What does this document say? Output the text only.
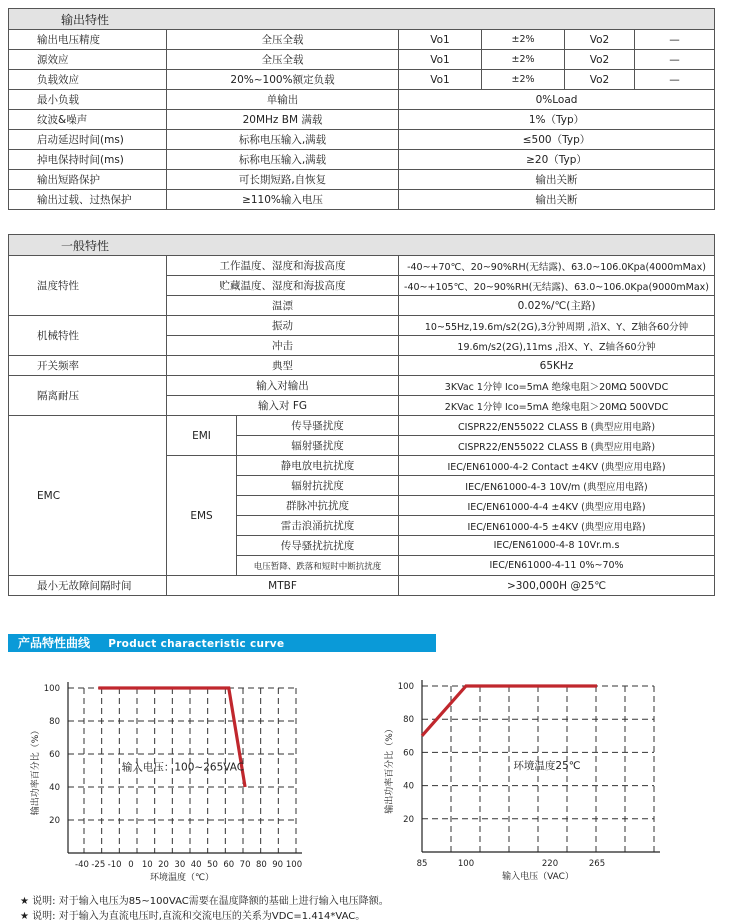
输出特性					
输出电压精度	全压全载	Vo1	±2%	Vo2	—
源效应	全压全载	Vo1	±2%	Vo2	—
负载效应	20%~100%额定负载	Vo1	±2%	Vo2	—
最小负载	单输出	0%Load			
纹波&噪声	20MHz BM 满载	1%（Typ）			
启动延迟时间(ms)	标称电压输入,满载	≤500（Typ）			
掉电保持时间(ms)	标称电压输入,满载	≥20（Typ）			
输出短路保护	可长期短路,自恢复	输出关断			
输出过载、过热保护	≥110%输入电压	输出关断			
一般特性			
温度特性	工作温度、湿度和海拔高度		-40~+70℃、20~90%RH(无结露)、63.0~106.0Kpa(4000mMax)
	贮藏温度、湿度和海拔高度		-40~+105℃、20~90%RH(无结露)、63.0~106.0Kpa(9000mMax)
	温漂		0.02%/℃(主路)
机械特性	振动		10~55Hz,19.6m/s2(2G),3分钟周期 ,沿X、Y、Z轴各60分钟
	冲击		19.6m/s2(2G),11ms ,沿X、Y、Z轴各60分钟
开关频率	典型		65KHz
隔离耐压	输入对输出		3KVac 1分钟 Ico=5mA 绝缘电阻＞20MΩ 500VDC
	输入对 FG		2KVac 1分钟 Ico=5mA 绝缘电阻＞20MΩ 500VDC
EMC	EMI	传导骚扰度	CISPR22/EN55022 CLASS B (典型应用电路)
		辐射骚扰度	CISPR22/EN55022 CLASS B (典型应用电路)
	EMS	静电放电抗扰度	IEC/EN61000-4-2 Contact ±4KV (典型应用电路)
		辐射抗扰度	IEC/EN61000-4-3 10V/m (典型应用电路)
		群脉冲抗扰度	IEC/EN61000-4-4 ±4KV (典型应用电路)
		雷击浪涌抗扰度	IEC/EN61000-4-5 ±4KV (典型应用电路)
		传导骚扰抗扰度	IEC/EN61000-4-8 10Vr.m.s
		电压暂降、跌落和短时中断抗扰度	IEC/EN61000-4-11 0%~70%
最小无故障间隔时间	MTBF		>300,000H @25℃
产品特性曲线 Product characteristic curve
20
40
60
80
100
-40 -25 -10 0 10 20 30 40 50 60 70 80 90 100
环境温度（℃）
输出功率百分比（%）	输入电压：100~265VAC
20
40
60
80
100
85	100	220	265
输入电压（VAC）
输出功率百分比（%）	环境温度25℃
★ 说明: 对于输入电压为85~100VAC需要在温度降额的基础上进行输入电压降额。
★ 说明: 对于输入为直流电压时,直流和交流电压的关系为VDC=1.414*VAC。
